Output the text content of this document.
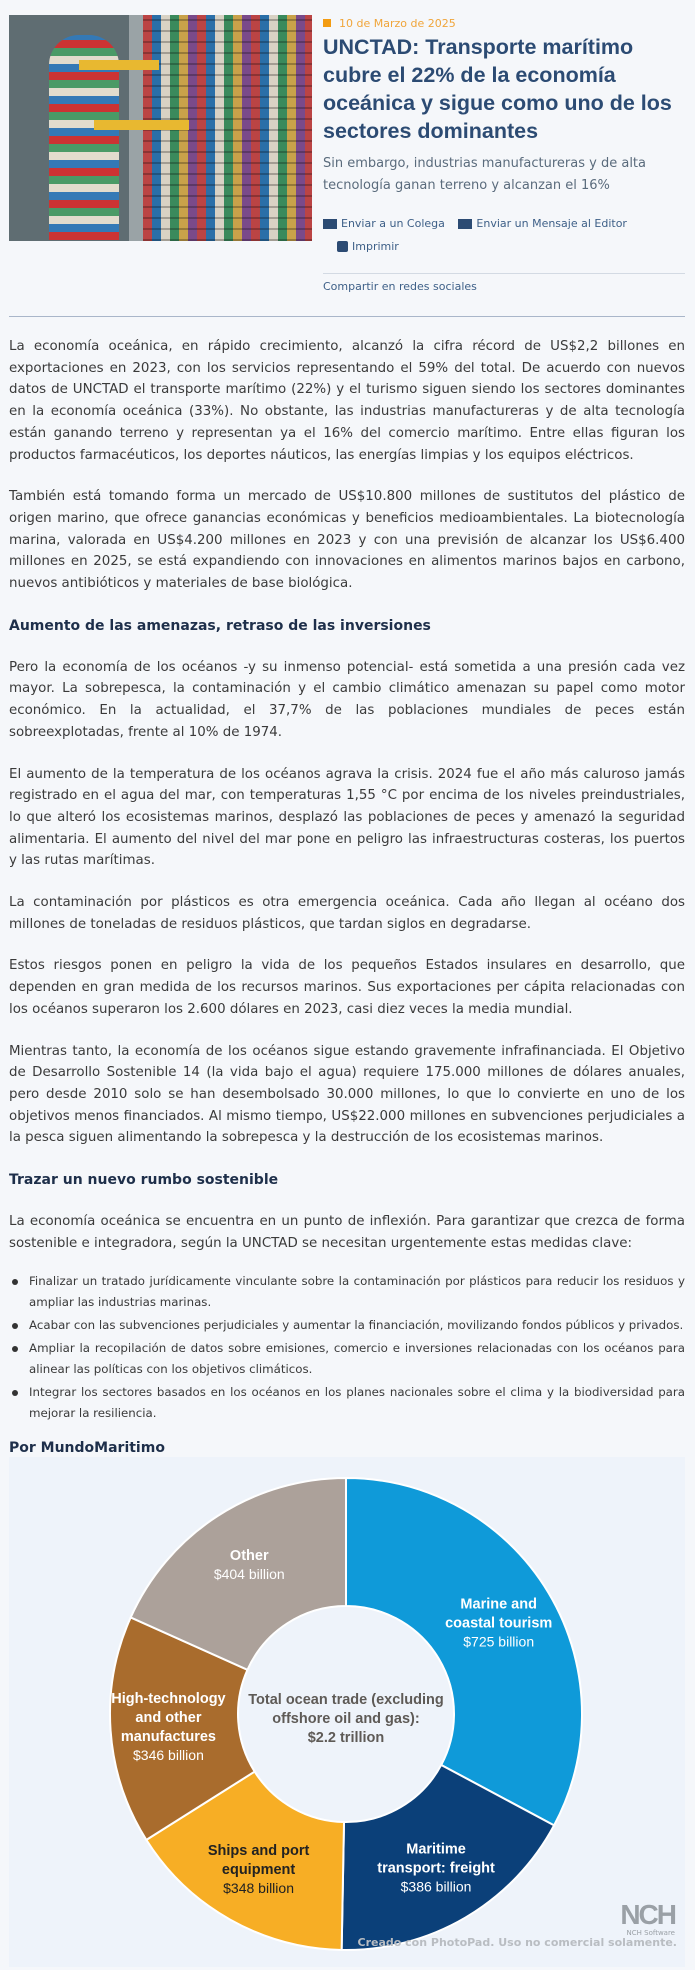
10 de Marzo de 2025
UNCTAD: Transporte marítimo cubre el 22% de la economía oceánica y sigue como uno de los sectores dominantes

Sin embargo, industrias manufactureras y de alta tecnología ganan terreno y alcanzan el 16%

Enviar a un Colega
	Enviar un Mensaje al Editor

Imprimir
Compartir en redes sociales

La economía oceánica, en rápido crecimiento, alcanzó la cifra récord de US$2,2 billones en exportaciones en 2023, con los servicios representando el 59% del total. De acuerdo con nuevos datos de UNCTAD el transporte marítimo (22%) y el turismo siguen siendo los sectores dominantes en la economía oceánica (33%). No obstante, las industrias manufactureras y de alta tecnología están ganando terreno y representan ya el 16% del comercio marítimo. Entre ellas figuran los productos farmacéuticos, los deportes náuticos, las energías limpias y los equipos eléctricos.

También está tomando forma un mercado de US$10.800 millones de sustitutos del plástico de origen marino, que ofrece ganancias económicas y beneficios medioambientales. La biotecnología marina, valorada en US$4.200 millones en 2023 y con una previsión de alcanzar los US$6.400 millones en 2025, se está expandiendo con innovaciones en alimentos marinos bajos en carbono, nuevos antibióticos y materiales de base biológica.

Aumento de las amenazas, retraso de las inversiones

Pero la economía de los océanos -y su inmenso potencial- está sometida a una presión cada vez mayor. La sobrepesca, la contaminación y el cambio climático amenazan su papel como motor económico. En la actualidad, el 37,7% de las poblaciones mundiales de peces están sobreexplotadas, frente al 10% de 1974.

El aumento de la temperatura de los océanos agrava la crisis. 2024 fue el año más caluroso jamás registrado en el agua del mar, con temperaturas 1,55 °C por encima de los niveles preindustriales, lo que alteró los ecosistemas marinos, desplazó las poblaciones de peces y amenazó la seguridad alimentaria. El aumento del nivel del mar pone en peligro las infraestructuras costeras, los puertos y las rutas marítimas.

La contaminación por plásticos es otra emergencia oceánica. Cada año llegan al océano dos millones de toneladas de residuos plásticos, que tardan siglos en degradarse.

Estos riesgos ponen en peligro la vida de los pequeños Estados insulares en desarrollo, que dependen en gran medida de los recursos marinos. Sus exportaciones per cápita relacionadas con los océanos superaron los 2.600 dólares en 2023, casi diez veces la media mundial.

Mientras tanto, la economía de los océanos sigue estando gravemente infrafinanciada. El Objetivo de Desarrollo Sostenible 14 (la vida bajo el agua) requiere 175.000 millones de dólares anuales, pero desde 2010 solo se han desembolsado 30.000 millones, lo que lo convierte en uno de los objetivos menos financiados. Al mismo tiempo, US$22.000 millones en subvenciones perjudiciales a la pesca siguen alimentando la sobrepesca y la destrucción de los ecosistemas marinos.

Trazar un nuevo rumbo sostenible

La economía oceánica se encuentra en un punto de inflexión. Para garantizar que crezca de forma sostenible e integradora, según la UNCTAD se necesitan urgentemente estas medidas clave:

Finalizar un tratado jurídicamente vinculante sobre la contaminación por plásticos para reducir los residuos y ampliar las industrias marinas.
Acabar con las subvenciones perjudiciales y aumentar la financiación, movilizando fondos públicos y privados.
Ampliar la recopilación de datos sobre emisiones, comercio e inversiones relacionadas con los océanos para alinear las políticas con los objetivos climáticos.
Integrar los sectores basados en los océanos en los planes nacionales sobre el clima y la biodiversidad para mejorar la resiliencia.
Por MundoMaritimo
Marine and
coastal tourism
$725 billion
Maritime
transport: freight
$386 billion
Ships and port
equipment
$348 billion
High-technology
and other
manufactures
$346 billion
Other
$404 billion
Total ocean trade (excluding
offshore oil and gas):
$2.2 trillion
NCH
NCH Software
Creado con PhotoPad. Uso no comercial solamente.
